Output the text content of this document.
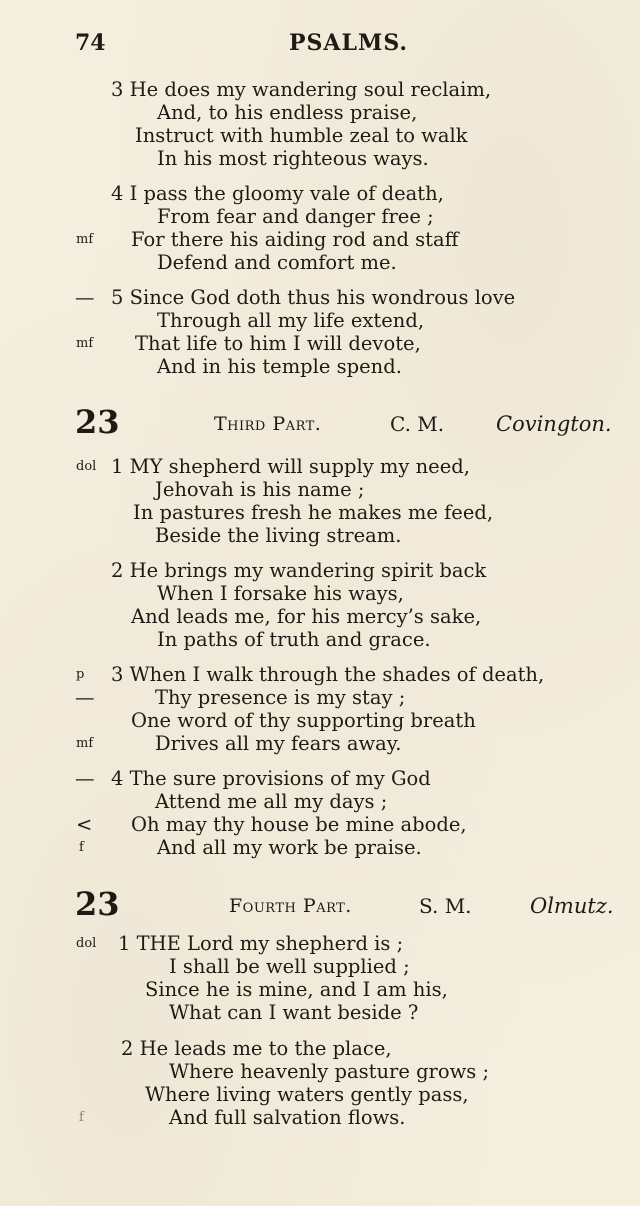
74	PSALMS.
3 He does my wandering soul reclaim,
And, to his endless praise,
Instruct with humble zeal to walk
In his most righteous ways.
4 I pass the gloomy vale of death,
From fear and danger free ;
mf For there his aiding rod and staff
Defend and comfort me.
— 5 Since God doth thus his wondrous love
Through all my life extend,
mf That life to him I will devote,
And in his temple spend.
23	Third Part.	C. M. Covington.
dol 1 MY shepherd will supply my need,
Jehovah is his name ;
In pastures fresh he makes me feed,
Beside the living stream.
2 He brings my wandering spirit back
When I forsake his ways,
And leads me, for his mercy’s sake,
In paths of truth and grace.
p 3 When I walk through the shades of death,
—	Thy presence is my stay ;
One word of thy supporting breath
mf	Drives all my fears away.
— 4 The sure provisions of my God
Attend me all my days ;
< Oh may thy house be mine abode,
f	And all my work be praise.
23	Fourth Part.	S. M.	Olmutz.
dol 1 THE Lord my shepherd is ;
I shall be well supplied ;
Since he is mine, and I am his,
What can I want beside ?
2 He leads me to the place,
Where heavenly pasture grows ;
Where living waters gently pass,
f	And full salvation flows.
